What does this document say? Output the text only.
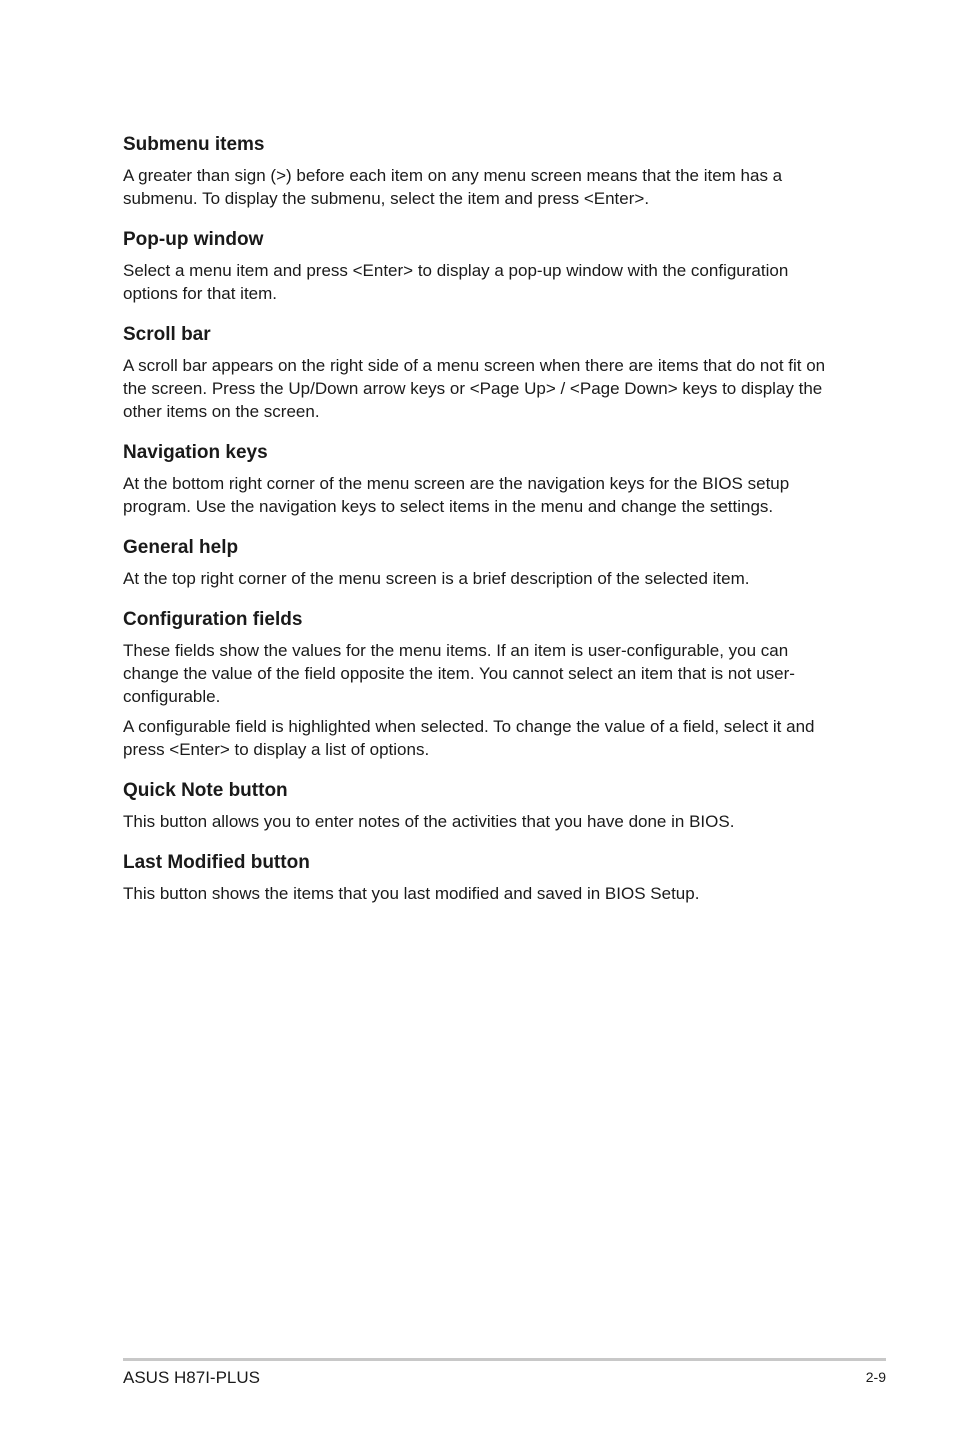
Submenu items

A greater than sign (>) before each item on any menu screen means that the item has a submenu. To display the submenu, select the item and press <Enter>.

Pop-up window

Select a menu item and press <Enter> to display a pop-up window with the configuration options for that item.

Scroll bar

A scroll bar appears on the right side of a menu screen when there are items that do not fit on the screen. Press the Up/Down arrow keys or <Page Up> / <Page Down> keys to display the other items on the screen.

Navigation keys

At the bottom right corner of the menu screen are the navigation keys for the BIOS setup program. Use the navigation keys to select items in the menu and change the settings.

General help

At the top right corner of the menu screen is a brief description of the selected item.

Configuration fields

These fields show the values for the menu items. If an item is user-configurable, you can change the value of the field opposite the item. You cannot select an item that is not user-configurable.

A configurable field is highlighted when selected. To change the value of a field, select it and press <Enter> to display a list of options.

Quick Note button

This button allows you to enter notes of the activities that you have done in BIOS.

Last Modified button

This button shows the items that you last modified and saved in BIOS Setup.

ASUS H87I-PLUS	2-9
